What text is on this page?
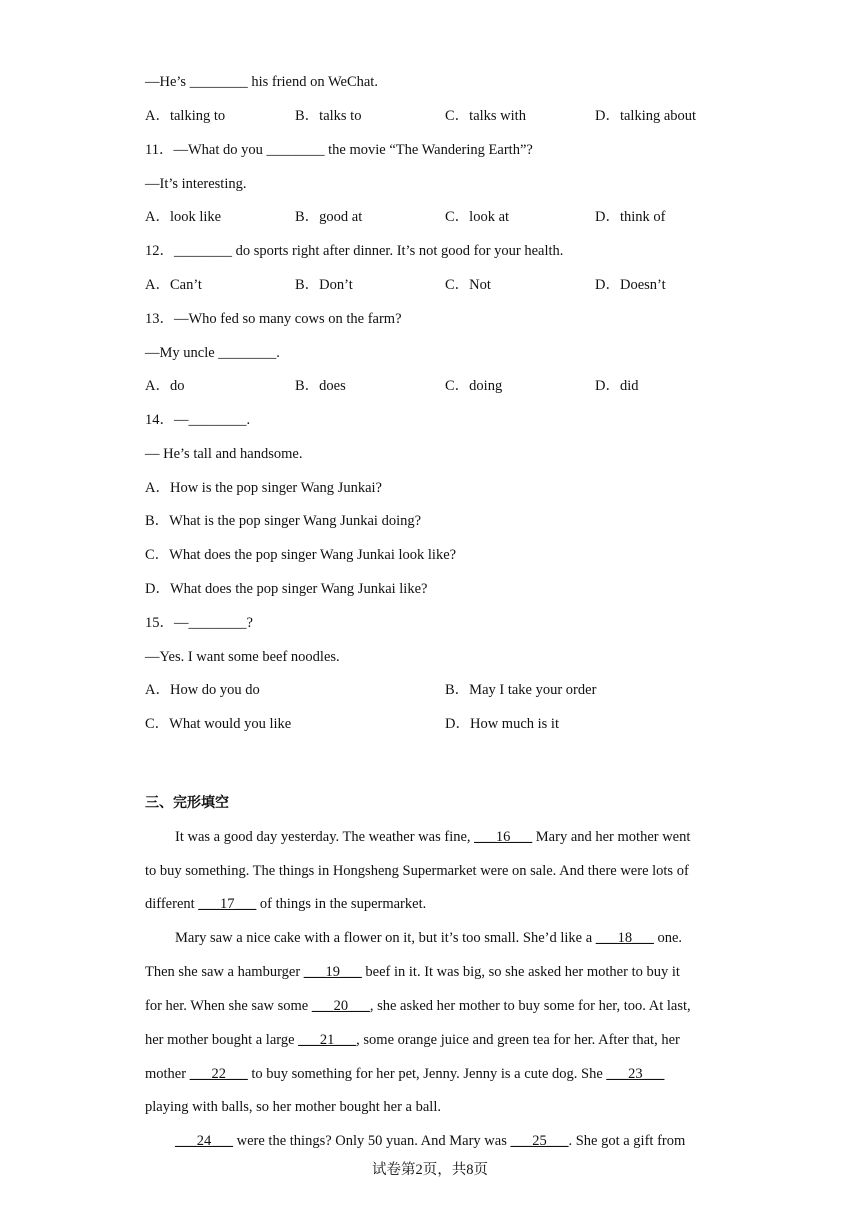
—He’s ________ his friend on WeChat.
A．talking to	B．talks to	C．talks with	D．talking about
11．—What do you ________ the movie “The Wandering Earth”?
—It’s interesting.
A．look like	B．good at	C．look at	D．think of
12．________ do sports right after dinner. It’s not good for your health.
A．Can’t	B．Don’t	C．Not	D．Doesn’t
13．—Who fed so many cows on the farm?
—My uncle ________.
A．do	B．does	C．doing	D．did
14．—________.
— He’s tall and handsome.
A．How is the pop singer Wang Junkai?
B．What is the pop singer Wang Junkai doing?
C．What does the pop singer Wang Junkai look like?
D．What does the pop singer Wang Junkai like?
15．—________?
—Yes. I want some beef noodles.
A．How do you do	B．May I take your order
C．What would you like	D．How much is it
三、完形填空
It was a good day yesterday. The weather was fine, ___16___ Mary and her mother went
to buy something. The things in Hongsheng Supermarket were on sale. And there were lots of
different ___17___ of things in the supermarket.
Mary saw a nice cake with a flower on it, but it’s too small. She’d like a ___18___ one.
Then she saw a hamburger ___19___ beef in it. It was big, so she asked her mother to buy it
for her. When she saw some ___20___, she asked her mother to buy some for her, too. At last,
her mother bought a large ___21___, some orange juice and green tea for her. After that, her
mother ___22___ to buy something for her pet, Jenny. Jenny is a cute dog. She ___23___
playing with balls, so her mother bought her a ball.
___24___ were the things? Only 50 yuan. And Mary was ___25___. She got a gift from
试卷第2页，共8页
